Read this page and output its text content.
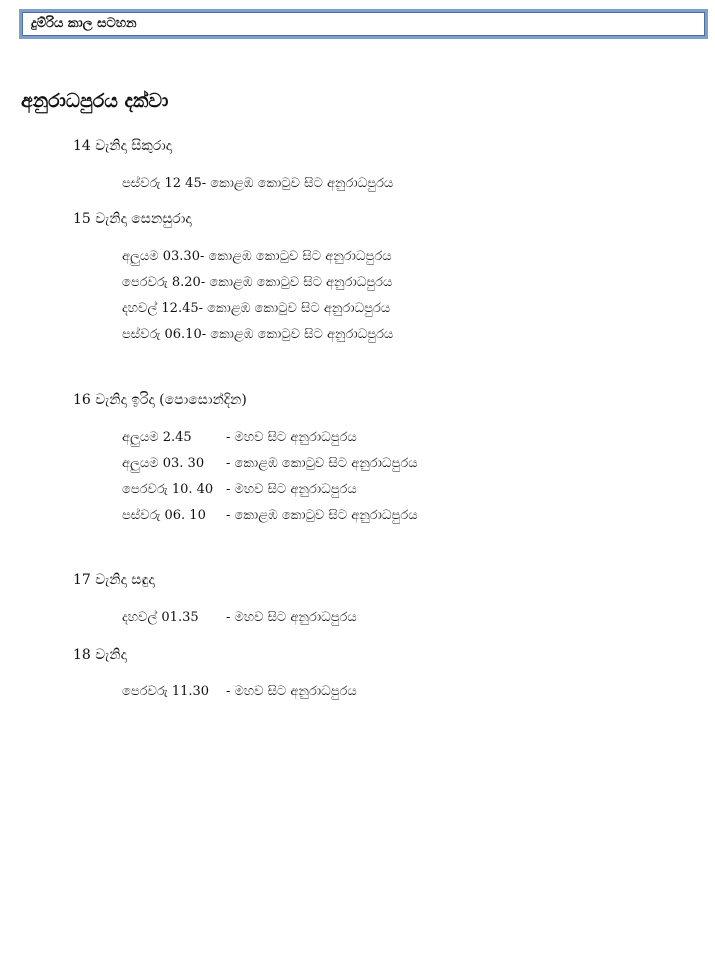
දුම්රිය කාල සටහන
අනුරාධපුරය දක්වා
14 වැනිදා සිකුරාදා
පස්වරු 12 45- කොළඹ කොටුව සිට අනුරාධපුරය
15 වැනිදා සෙනසුරාදා
අලුයම 03.30- කොළඹ කොටුව සිට අනුරාධපුරය
පෙරවරු 8.20- කොළඹ කොටුව සිට අනුරාධපුරය
දහවල් 12.45- කොළඹ කොටුව සිට අනුරාධපුරය
පස්වරු 06.10- කොළඹ කොටුව සිට අනුරාධපුරය
16 වැනිදා ඉරිදා (පොසොන්දින)
අලුයම 2.45	- මහව සිට අනුරාධපුරය
අලුයම 03. 30 - කොළඹ කොටුව සිට අනුරාධපුරය
පෙරවරු 10. 40 - මහව සිට අනුරාධපුරය
පස්වරු 06. 10 - කොළඹ කොටුව සිට අනුරාධපුරය
17 වැනිදා සඳුදා
දහවල් 01.35 - මහව සිට අනුරාධපුරය
18 වැනිදා
පෙරවරු 11.30 - මහව සිට අනුරාධපුරය
